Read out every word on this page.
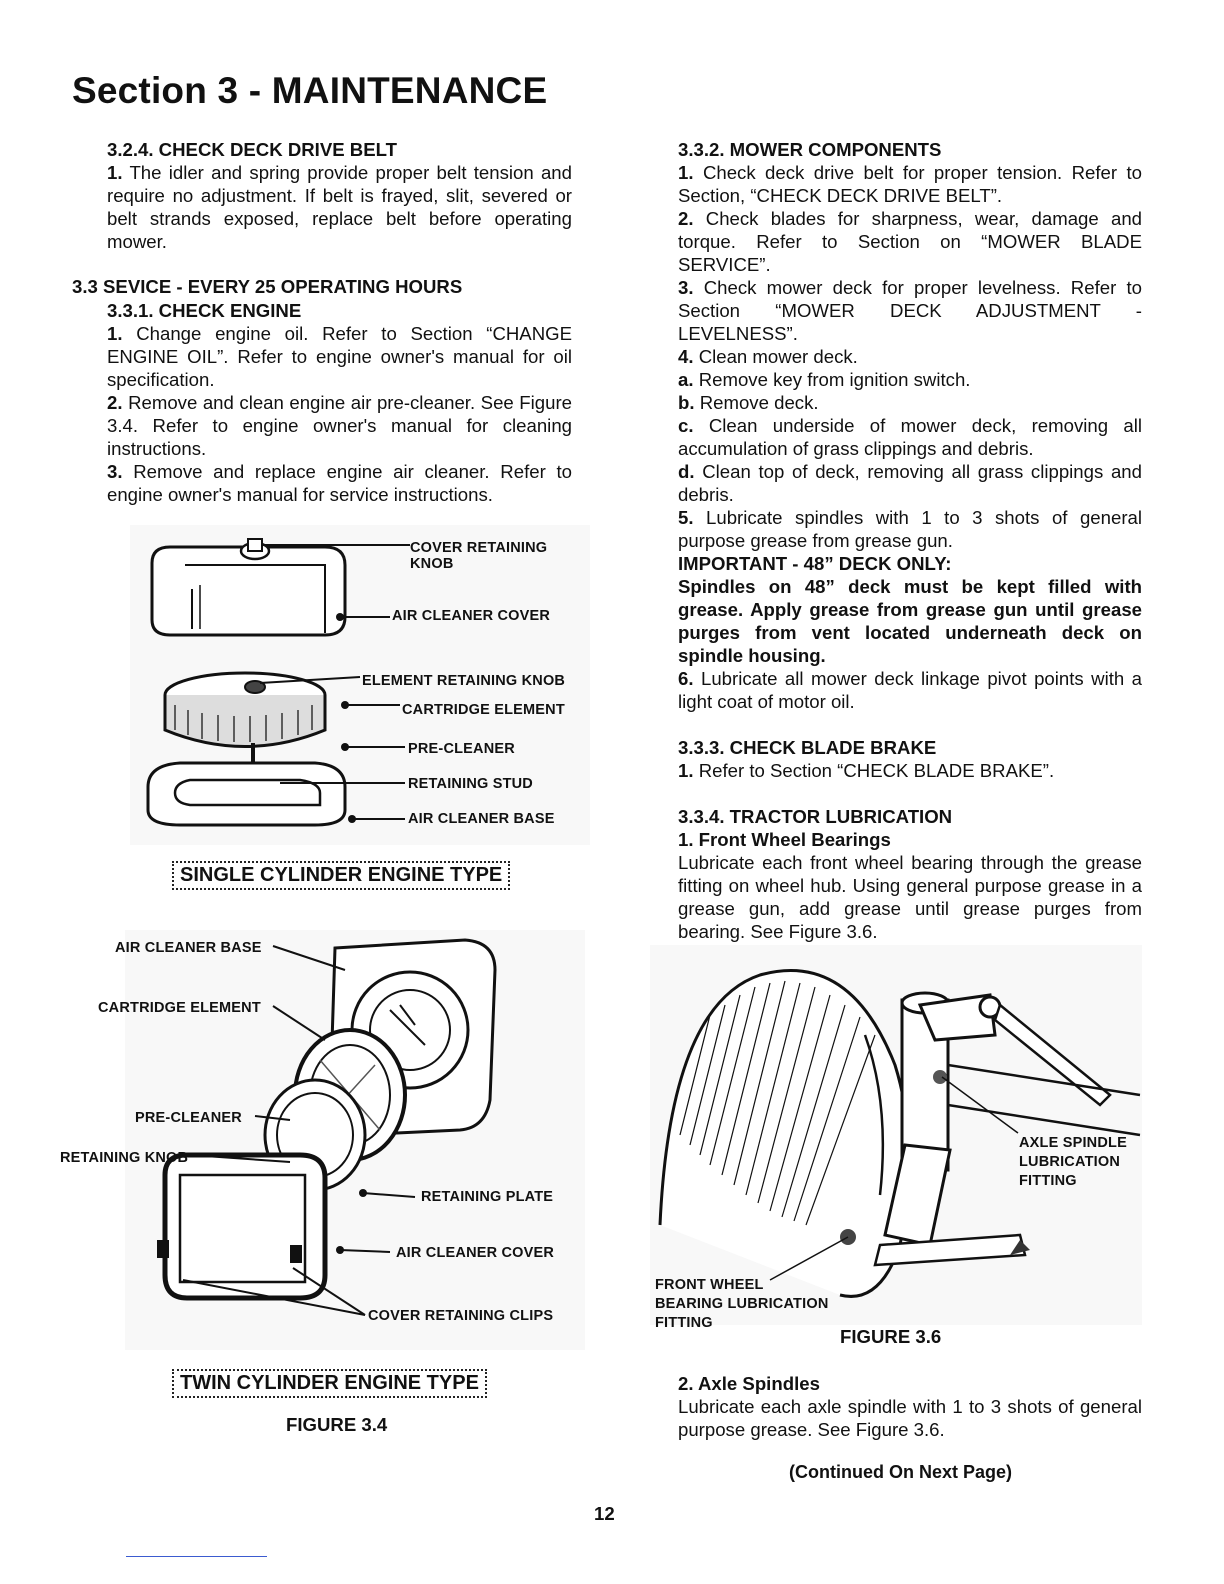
Section 3 - MAINTENANCE

3.2.4. CHECK DECK DRIVE BELT

1. The idler and spring provide proper belt tension and require no adjustment. If belt is frayed, slit, severed or belt strands exposed, replace belt before operating mower.

3.3 SEVICE - EVERY 25 OPERATING HOURS

3.3.1. CHECK ENGINE

1. Change engine oil. Refer to Section “CHANGE ENGINE OIL”. Refer to engine owner's manual for oil specification.

2. Remove and clean engine air pre-cleaner. See Figure 3.4. Refer to engine owner's manual for cleaning instructions.

3. Remove and replace engine air cleaner. Refer to engine owner's manual for service instructions.

COVER RETAINING
KNOB
AIR CLEANER COVER
ELEMENT RETAINING KNOB
CARTRIDGE ELEMENT
PRE-CLEANER
RETAINING STUD
AIR CLEANER BASE
SINGLE CYLINDER ENGINE TYPE
AIR CLEANER BASE
CARTRIDGE ELEMENT
PRE-CLEANER
RETAINING KNOB
RETAINING PLATE
AIR CLEANER COVER
COVER RETAINING CLIPS
TWIN CYLINDER ENGINE TYPE
FIGURE 3.4

3.3.2. MOWER COMPONENTS

1. Check deck drive belt for proper tension. Refer to Section, “CHECK DECK DRIVE BELT”.

2. Check blades for sharpness, wear, damage and torque. Refer to Section on “MOWER BLADE SERVICE”.

3. Check mower deck for proper levelness. Refer to Section “MOWER DECK ADJUSTMENT - LEVELNESS”.

4. Clean mower deck.

a. Remove key from ignition switch.

b. Remove deck.

c. Clean underside of mower deck, removing all accumulation of grass clippings and debris.

d. Clean top of deck, removing all grass clippings and debris.

5. Lubricate spindles with 1 to 3 shots of general purpose grease from grease gun.

IMPORTANT - 48” DECK ONLY:

Spindles on 48” deck must be kept filled with grease. Apply grease from grease gun until grease purges from vent located underneath deck on spindle housing.

6. Lubricate all mower deck linkage pivot points with a light coat of motor oil.

3.3.3. CHECK BLADE BRAKE

1. Refer to Section “CHECK BLADE BRAKE”.

3.3.4. TRACTOR LUBRICATION

1. Front Wheel Bearings

Lubricate each front wheel bearing through the grease fitting on wheel hub. Using general purpose grease in a grease gun, add grease until grease purges from bearing. See Figure 3.6.

AXLE SPINDLE
LUBRICATION
FITTING
FRONT WHEEL
BEARING LUBRICATION
FITTING
FIGURE 3.6

2. Axle Spindles

Lubricate each axle spindle with 1 to 3 shots of general purpose grease. See Figure 3.6.

(Continued On Next Page)
12
